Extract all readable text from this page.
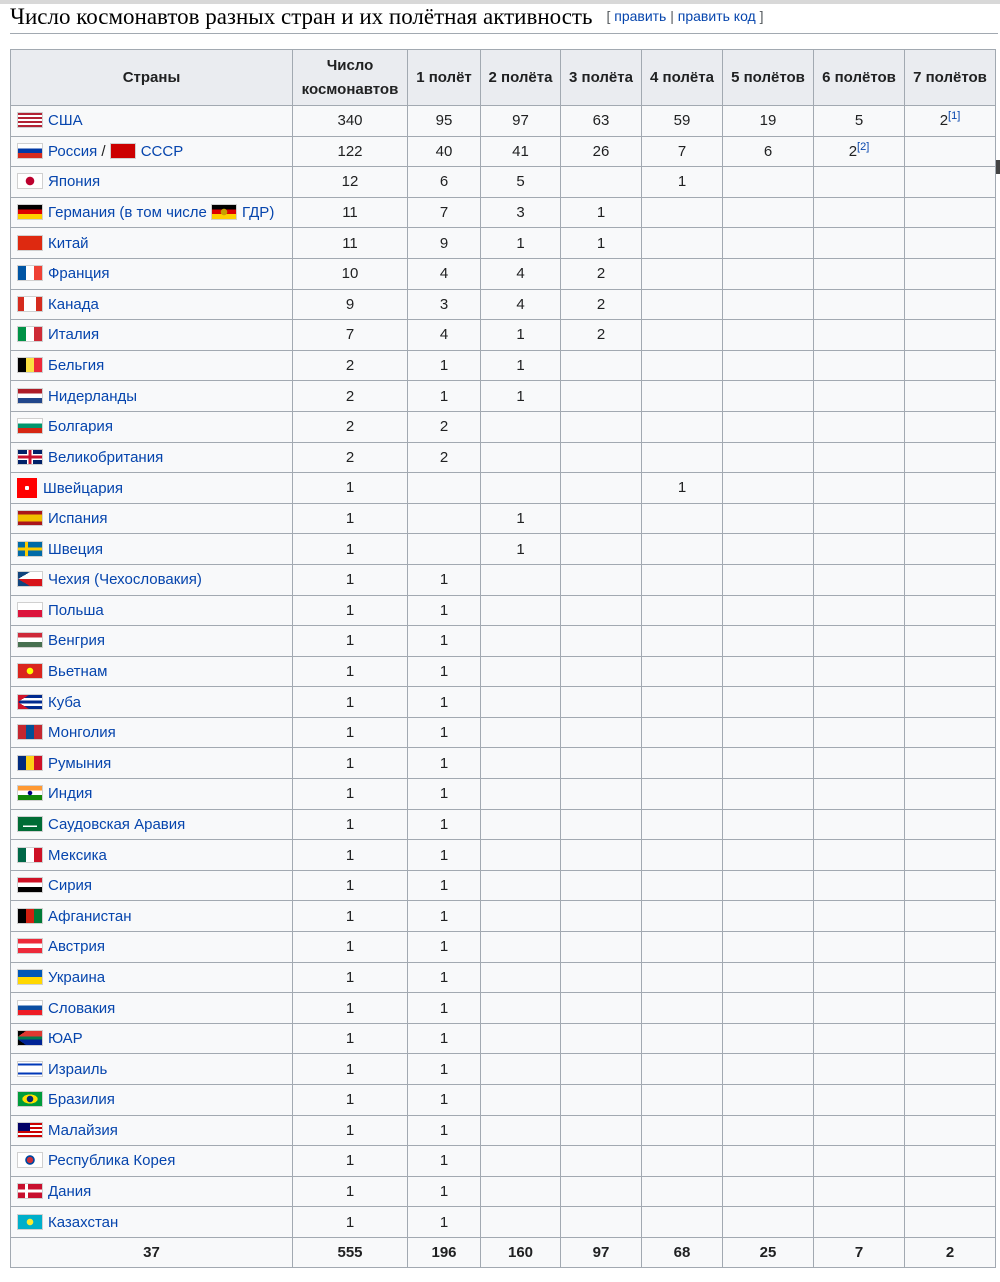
Число космонавтов разных стран и их полётная активность [ править | править код ]
Страны	Число
космонавтов	1 полёт	2 полёта	3 полёта	4 полёта	5 полётов	6 полётов	7 полётов
США	340	95	97	63	59	19	5	2[1]
Россия / СССР	122	40	41	26	7	6	2[2]	
Япония	12	6	5		1			
Германия (в том числе ГДР)	11	7	3	1				
Китай	11	9	1	1				
Франция	10	4	4	2				
Канада	9	3	4	2				
Италия	7	4	1	2				
Бельгия	2	1	1					
Нидерланды	2	1	1					
Болгария	2	2						
Великобритания	2	2						
Швейцария	1				1			
Испания	1		1					
Швеция	1		1					
Чехия (Чехословакия)	1	1						
Польша	1	1						
Венгрия	1	1						
Вьетнам	1	1						
Куба	1	1						
Монголия	1	1						
Румыния	1	1						
Индия	1	1						
Саудовская Аравия	1	1						
Мексика	1	1						
Сирия	1	1						
Афганистан	1	1						
Австрия	1	1						
Украина	1	1						
Словакия	1	1						
ЮАР	1	1						
Израиль	1	1						
Бразилия	1	1						
Малайзия	1	1						
Республика Корея	1	1						
Дания	1	1						
Казахстан	1	1						
37	555	196	160	97	68	25	7	2
